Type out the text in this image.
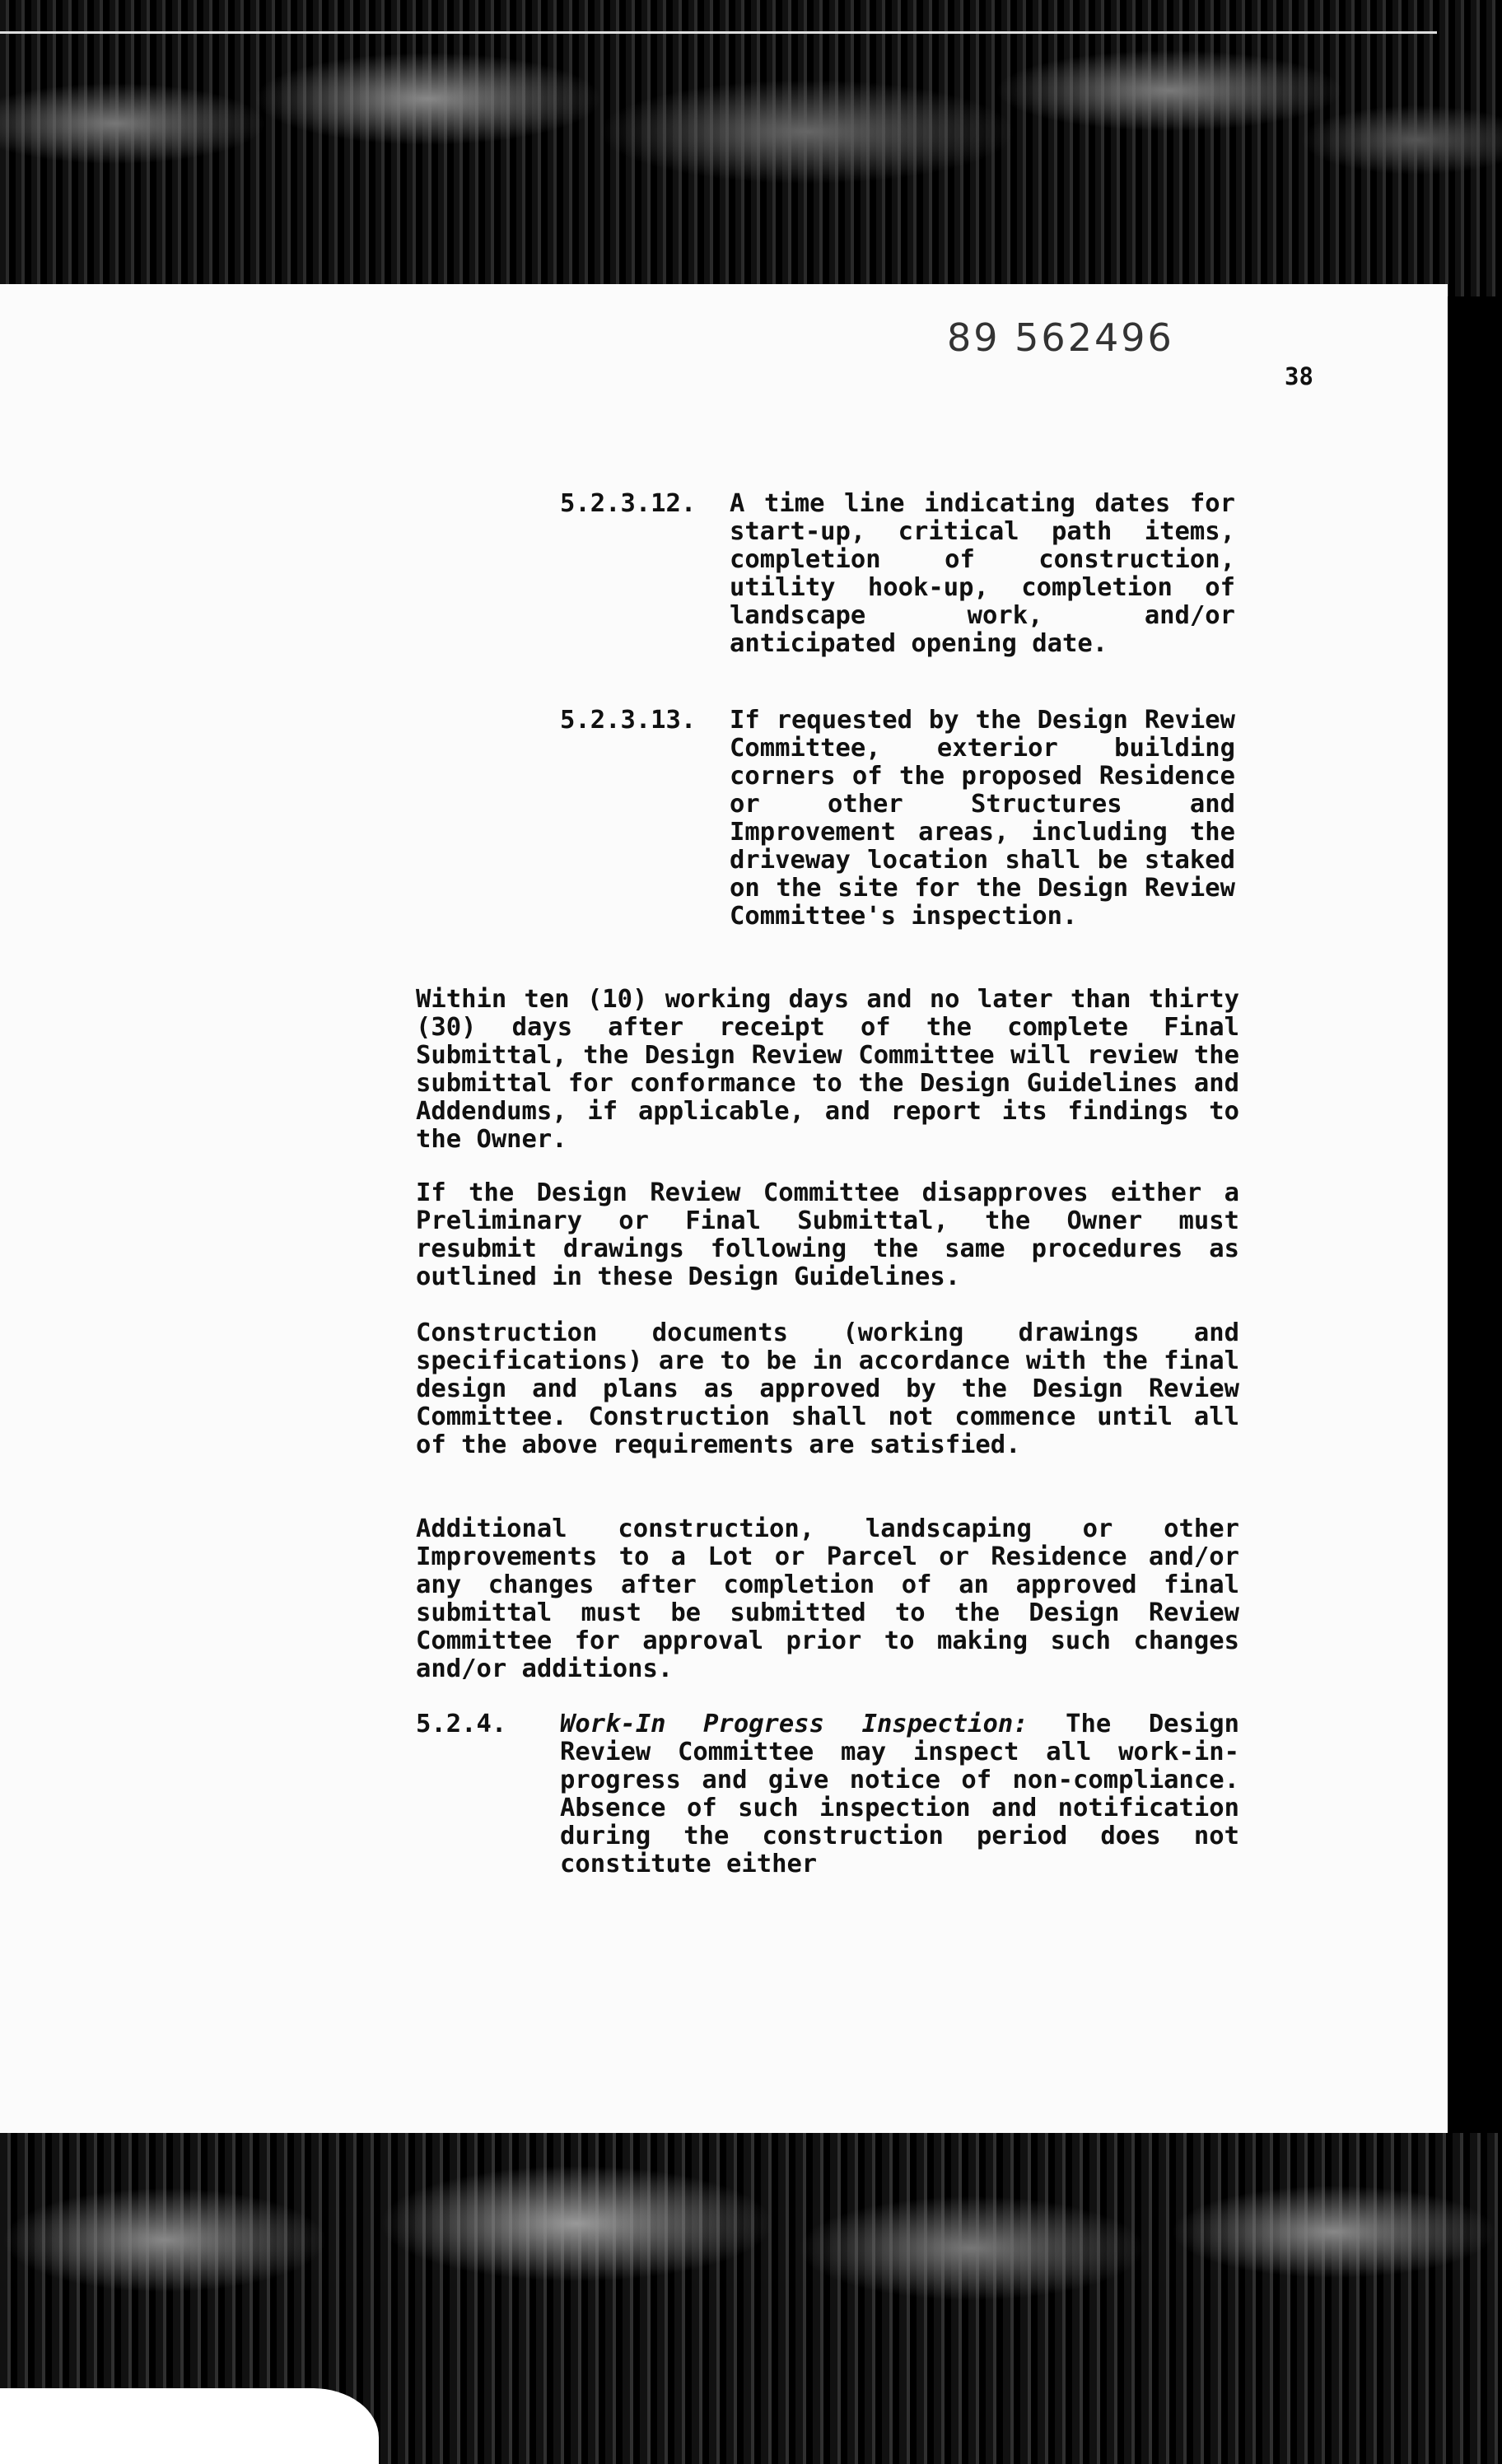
89 562496
38
5.2.3.12. A time line indicating dates for start-up, critical path items, completion of construction, utility hook-up, completion of landscape work, and/or anticipated opening date.

5.2.3.13. If requested by the Design Review Committee, exterior building corners of the proposed Residence or other Structures and Improvement areas, including the driveway location shall be staked on the site for the Design Review Committee's inspection.

Within ten (10) working days and no later than thirty (30) days after receipt of the complete Final Submittal, the Design Review Committee will review the submittal for conformance to the Design Guidelines and Addendums, if applicable, and report its findings to the Owner.

If the Design Review Committee disapproves either a Preliminary or Final Submittal, the Owner must resubmit drawings following the same procedures as outlined in these Design Guidelines.

Construction documents (working drawings and specifications) are to be in accordance with the final design and plans as approved by the Design Review Committee. Construction shall not commence until all of the above requirements are satisfied.

Additional construction, landscaping or other Improvements to a Lot or Parcel or Residence and/or any changes after completion of an approved final submittal must be submitted to the Design Review Committee for approval prior to making such changes and/or additions.

5.2.4. Work-In Progress Inspection: The Design Review Committee may inspect all work-in-progress and give notice of non-compliance. Absence of such inspection and notification during the construction period does not constitute either
